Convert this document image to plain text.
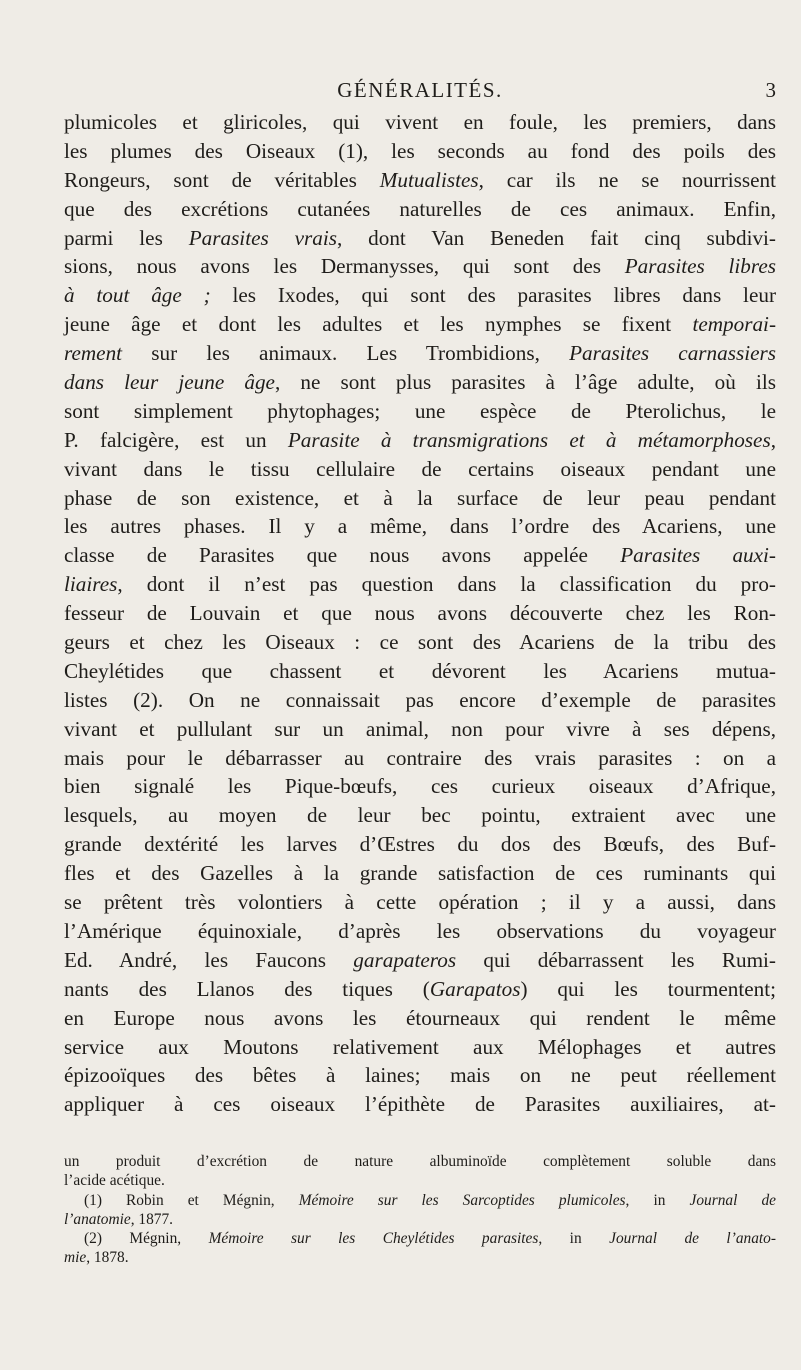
GÉNÉRALITÉS.	3
plumicoles et gliricoles, qui vivent en foule, les premiers, dans
les plumes des Oiseaux (1), les seconds au fond des poils des
Rongeurs, sont de véritables Mutualistes, car ils ne se nourrissent
que des excrétions cutanées naturelles de ces animaux. Enfin,
parmi les Parasites vrais, dont Van Beneden fait cinq subdivi-
sions, nous avons les Dermanysses, qui sont des Parasites libres
à tout âge ; les Ixodes, qui sont des parasites libres dans leur
jeune âge et dont les adultes et les nymphes se fixent temporai-
rement sur les animaux. Les Trombidions, Parasites carnassiers
dans leur jeune âge, ne sont plus parasites à l’âge adulte, où ils
sont simplement phytophages; une espèce de Pterolichus, le
P. falcigère, est un Parasite à transmigrations et à métamorphoses,
vivant dans le tissu cellulaire de certains oiseaux pendant une
phase de son existence, et à la surface de leur peau pendant
les autres phases. Il y a même, dans l’ordre des Acariens, une
classe de Parasites que nous avons appelée Parasites auxi-
liaires, dont il n’est pas question dans la classification du pro-
fesseur de Louvain et que nous avons découverte chez les Ron-
geurs et chez les Oiseaux : ce sont des Acariens de la tribu des
Cheylétides que chassent et dévorent les Acariens mutua-
listes (2). On ne connaissait pas encore d’exemple de parasites
vivant et pullulant sur un animal, non pour vivre à ses dépens,
mais pour le débarrasser au contraire des vrais parasites : on a
bien signalé les Pique-bœufs, ces curieux oiseaux d’Afrique,
lesquels, au moyen de leur bec pointu, extraient avec une
grande dextérité les larves d’Œstres du dos des Bœufs, des Buf-
fles et des Gazelles à la grande satisfaction de ces ruminants qui
se prêtent très volontiers à cette opération ; il y a aussi, dans
l’Amérique équinoxiale, d’après les observations du voyageur
Ed. André, les Faucons garapateros qui débarrassent les Rumi-
nants des Llanos des tiques (Garapatos) qui les tourmentent;
en Europe nous avons les étourneaux qui rendent le même
service aux Moutons relativement aux Mélophages et autres
épizooïques des bêtes à laines; mais on ne peut réellement
appliquer à ces oiseaux l’épithète de Parasites auxiliaires, at-
un produit d’excrétion de nature albuminoïde complètement soluble dans
l’acide acétique.
(1) Robin et Mégnin, Mémoire sur les Sarcoptides plumicoles, in Journal de
l’anatomie, 1877.
(2) Mégnin, Mémoire sur les Cheylétides parasites, in Journal de l’anato-
mie, 1878.
